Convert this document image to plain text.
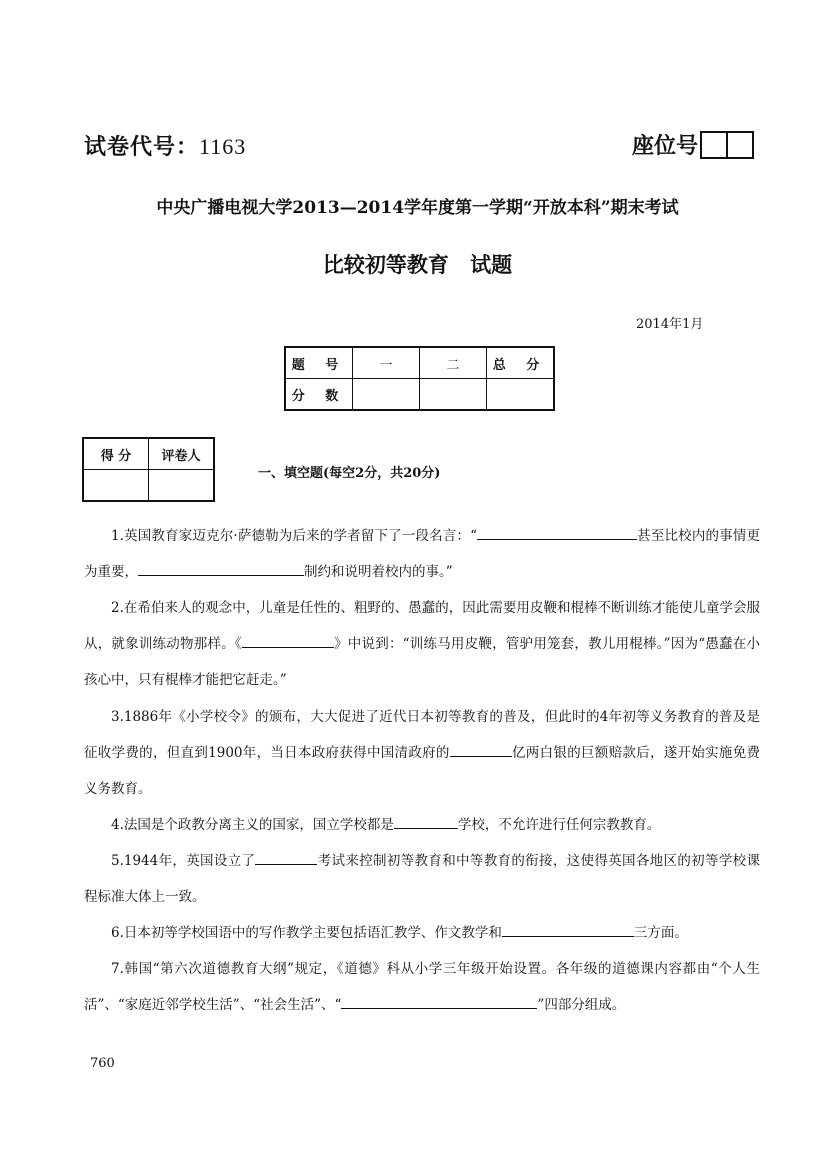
试卷代号：1163	座位号
中央广播电视大学2013—2014学年度第一学期“开放本科”期末考试
比较初等教育 试题
2014年1月
题 号	一	二	总 分
分 数			
得 分	评卷人

一、填空题(每空2分，共20分)

1.英国教育家迈克尔·萨德勒为后来的学者留下了一段名言：“	甚至比校内的事情更为重要，	制约和说明着校内的事。”

2.在希伯来人的观念中，儿童是任性的、粗野的、愚蠢的，因此需要用皮鞭和棍棒不断训练才能使儿童学会服从，就象训练动物那样。《	》中说到：“训练马用皮鞭，管驴用笼套，教儿用棍棒。”因为“愚蠢在小孩心中，只有棍棒才能把它赶走。”

3.1886年《小学校令》的颁布，大大促进了近代日本初等教育的普及，但此时的4年初等义务教育的普及是征收学费的，但直到1900年，当日本政府获得中国清政府的	亿两白银的巨额赔款后，遂开始实施免费义务教育。

4.法国是个政教分离主义的国家，国立学校都是	学校，不允许进行任何宗教教育。

5.1944年，英国设立了	考试来控制初等教育和中等教育的衔接，这使得英国各地区的初等学校课程标准大体上一致。

6.日本初等学校国语中的写作教学主要包括语汇教学、作文教学和	三方面。

7.韩国“第六次道德教育大纲”规定，《道德》科从小学三年级开始设置。各年级的道德课内容都由“个人生活”、“家庭近邻学校生活”、“社会生活”、“	”四部分组成。

760
